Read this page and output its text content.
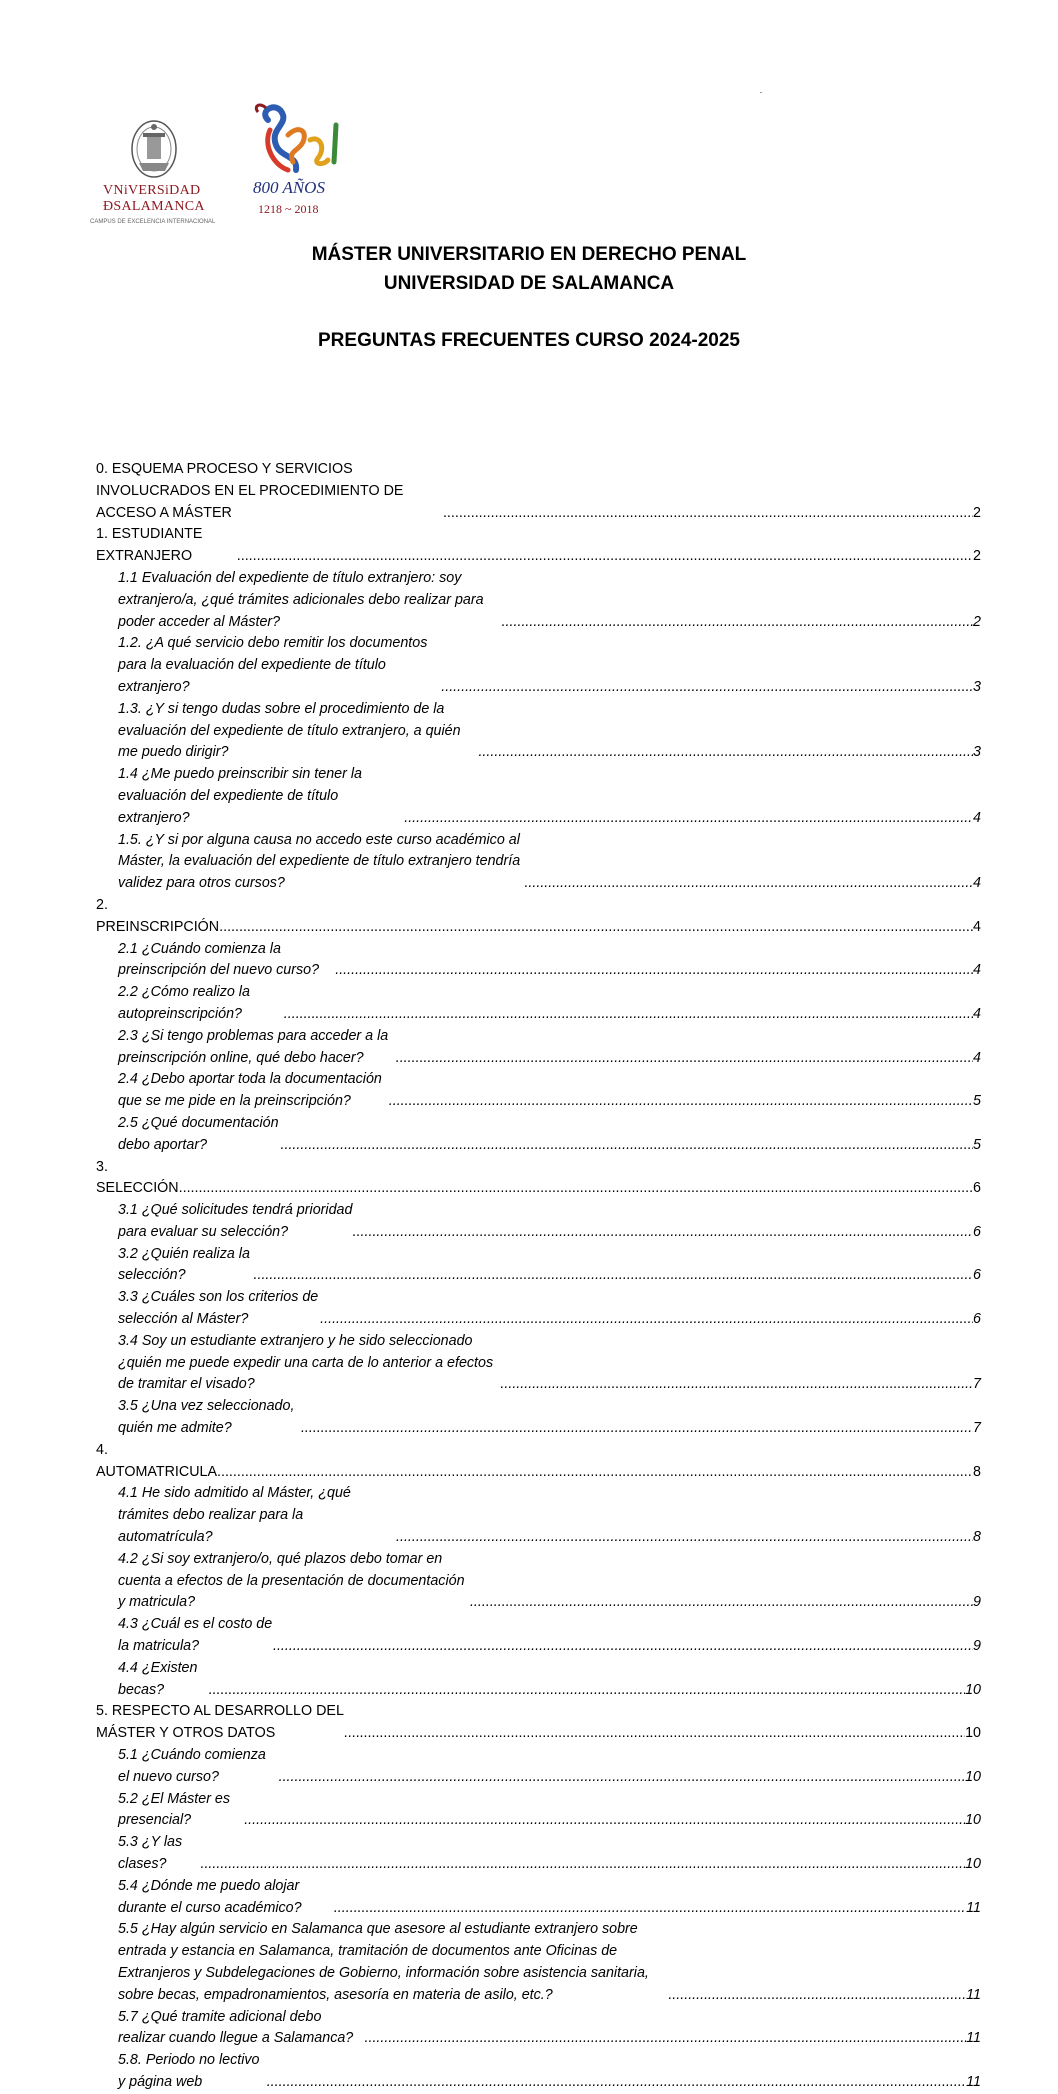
VNiVERSiDAD
ÐSALAMANCA
CAMPUS DE EXCELENCIA INTERNACIONAL
800 AÑOS
1218 ~ 2018
MÁSTER UNIVERSITARIO EN DERECHO PENAL
UNIVERSIDAD DE SALAMANCA
PREGUNTAS FRECUENTES CURSO 2024-2025
0. ESQUEMA PROCESO Y SERVICIOS INVOLUCRADOS EN EL PROCEDIMIENTO DE ACCESO A MÁSTER .....	2
1. ESTUDIANTE EXTRANJERO .....	2
1.1 Evaluación del expediente de título extranjero: soy extranjero/a, ¿qué trámites adicionales debo realizar para poder acceder al Máster? .....	2
1.2. ¿A qué servicio debo remitir los documentos para la evaluación del expediente de título extranjero? .....	3
1.3. ¿Y si tengo dudas sobre el procedimiento de la evaluación del expediente de título extranjero, a quién me puedo dirigir? .....	3
1.4 ¿Me puedo preinscribir sin tener la evaluación del expediente de título extranjero? .....	4
1.5. ¿Y si por alguna causa no accedo este curso académico al Máster, la evaluación del expediente de título extranjero tendría validez para otros cursos? .....	4
2. PREINSCRIPCIÓN .....	4
2.1 ¿Cuándo comienza la preinscripción del nuevo curso? .....	4
2.2 ¿Cómo realizo la autopreinscripción? .....	4
2.3 ¿Si tengo problemas para acceder a la preinscripción online, qué debo hacer? .....	4
2.4 ¿Debo aportar toda la documentación que se me pide en la preinscripción? .....	5
2.5 ¿Qué documentación debo aportar? .....	5
3. SELECCIÓN .....	6
3.1 ¿Qué solicitudes tendrá prioridad para evaluar su selección? .....	6
3.2 ¿Quién realiza la selección? .....	6
3.3 ¿Cuáles son los criterios de selección al Máster? .....	6
3.4 Soy un estudiante extranjero y he sido seleccionado ¿quién me puede expedir una carta de lo anterior a efectos de tramitar el visado? .....	7
3.5 ¿Una vez seleccionado, quién me admite? .....	7
4. AUTOMATRICULA .....	8
4.1 He sido admitido al Máster, ¿qué trámites debo realizar para la automatrícula? .....	8
4.2 ¿Si soy extranjero/o, qué plazos debo tomar en cuenta a efectos de la presentación de documentación y matricula? .....	9
4.3 ¿Cuál es el costo de la matricula? .....	9
4.4 ¿Existen becas? .....	10
5. RESPECTO AL DESARROLLO DEL MÁSTER Y OTROS DATOS .....	10
5.1 ¿Cuándo comienza el nuevo curso? .....	10
5.2 ¿El Máster es presencial? .....	10
5.3 ¿Y las clases? .....	10
5.4 ¿Dónde me puedo alojar durante el curso académico? .....	11
5.5 ¿Hay algún servicio en Salamanca que asesore al estudiante extranjero sobre entrada y estancia en Salamanca, tramitación de documentos ante Oficinas de Extranjeros y Subdelegaciones de Gobierno, información sobre asistencia sanitaria, sobre becas, empadronamientos, asesoría en materia de asilo, etc.? .....	11
5.7 ¿Qué tramite adicional debo realizar cuando llegue a Salamanca? .....	11
5.8. Periodo no lectivo y página web .....	11
